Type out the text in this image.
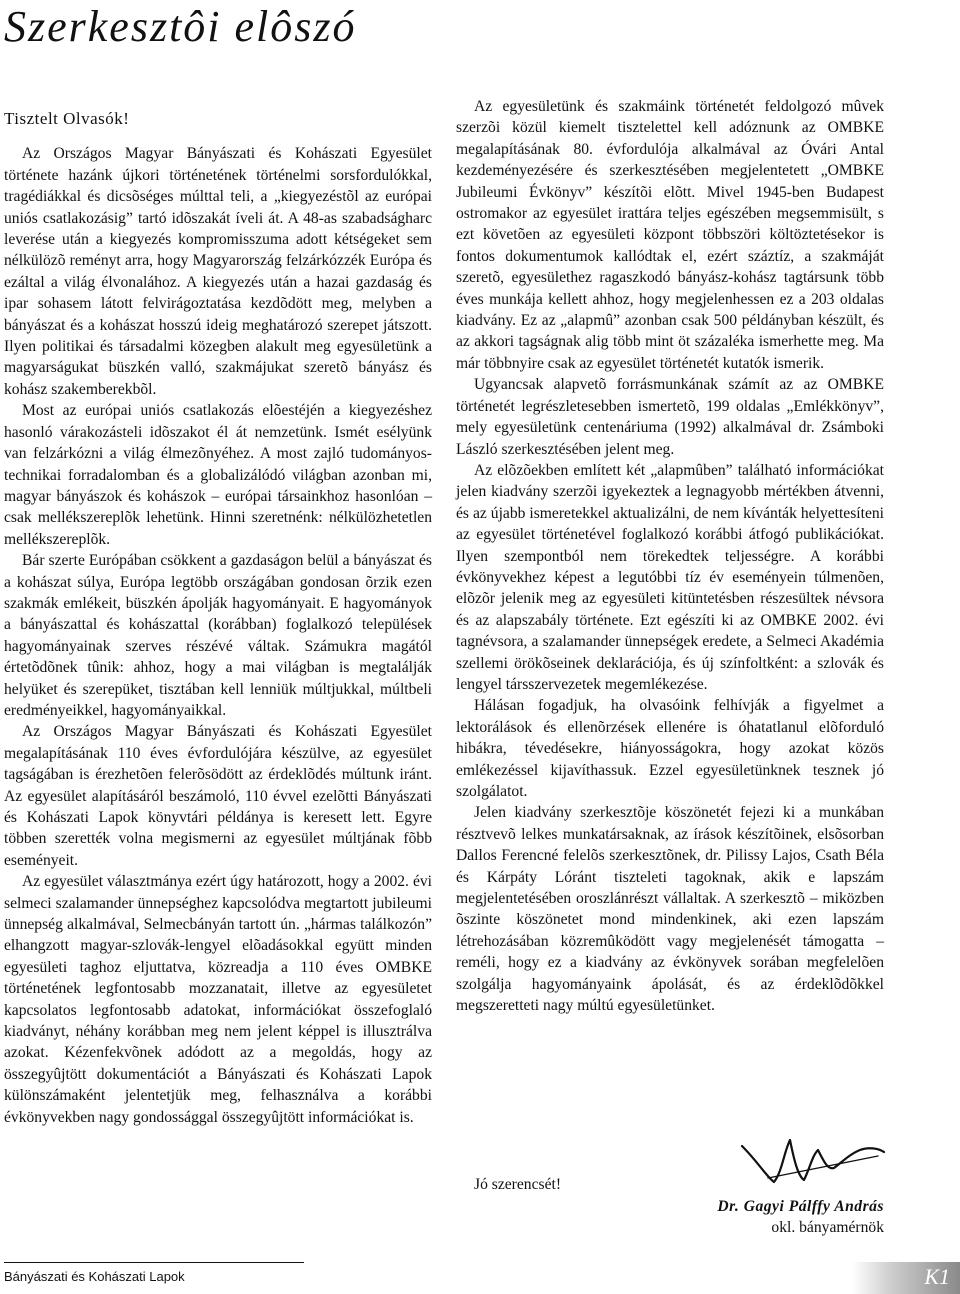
Szerkesztôi elôszó
Tisztelt Olvasók!

Az Országos Magyar Bányászati és Kohászati Egyesület története hazánk újkori történetének történelmi sorsfordulókkal, tragédiákkal és dicsõséges múlttal teli, a „kiegyezéstõl az európai uniós csatlakozásig” tartó idõszakát íveli át. A 48-as szabadságharc leverése után a kiegyezés kompromisszuma adott kétségeket sem nélkülözõ reményt arra, hogy Magyarország felzárkózzék Európa és ezáltal a világ élvonalához. A kiegyezés után a hazai gazdaság és ipar sohasem látott felvirágoztatása kezdõdött meg, melyben a bányászat és a kohászat hosszú ideig meghatározó szerepet játszott. Ilyen politikai és társadalmi közegben alakult meg egyesületünk a magyarságukat büszkén valló, szakmájukat szeretõ bányász és kohász szakemberekbõl.

Most az európai uniós csatlakozás elõestéjén a kiegyezéshez hasonló várakozásteli idõszakot él át nemzetünk. Ismét esélyünk van felzárkózni a világ élmezõnyéhez. A most zajló tudományos-technikai forradalomban és a globalizálódó világban azonban mi, magyar bányászok és kohászok – európai társainkhoz hasonlóan – csak mellékszereplõk lehetünk. Hinni szeretnénk: nélkülözhetetlen mellékszereplõk.

Bár szerte Európában csökkent a gazdaságon belül a bányászat és a kohászat súlya, Európa legtöbb országában gondosan õrzik ezen szakmák emlékeit, büszkén ápolják hagyományait. E hagyományok a bányászattal és kohászattal (korábban) foglalkozó települések hagyományainak szerves részévé váltak. Számukra magától értetõdõnek tûnik: ahhoz, hogy a mai világban is megtalálják helyüket és szerepüket, tisztában kell lenniük múltjukkal, múltbeli eredményeikkel, hagyományaikkal.

Az Országos Magyar Bányászati és Kohászati Egyesület megalapításának 110 éves évfordulójára készülve, az egyesület tagságában is érezhetõen felerõsödött az érdeklõdés múltunk iránt. Az egyesület alapításáról beszámoló, 110 évvel ezelõtti Bányászati és Kohászati Lapok könyvtári példánya is keresett lett. Egyre többen szerették volna megismerni az egyesület múltjának fõbb eseményeit.

Az egyesület választmánya ezért úgy határozott, hogy a 2002. évi selmeci szalamander ünnepséghez kapcsolódva megtartott jubileumi ünnepség alkalmával, Selmecbányán tartott ún. „hármas találkozón” elhangzott magyar-szlovák-lengyel elõadásokkal együtt minden egyesületi taghoz eljuttatva, közreadja a 110 éves OMBKE történetének legfontosabb mozzanatait, illetve az egyesületet kapcsolatos legfontosabb adatokat, információkat összefoglaló kiadványt, néhány korábban meg nem jelent képpel is illusztrálva azokat. Kézenfekvõnek adódott az a megoldás, hogy az összegyûjtött dokumentációt a Bányászati és Kohászati Lapok különszámaként jelentetjük meg, felhasználva a korábbi évkönyvekben nagy gondossággal összegyûjtött információkat is.

Az egyesületünk és szakmáink történetét feldolgozó mûvek szerzõi közül kiemelt tisztelettel kell adóznunk az OMBKE megalapításának 80. évfordulója alkalmával az Óvári Antal kezdeményezésére és szerkesztésében megjelentetett „OMBKE Jubileumi Évkönyv” készítõi elõtt. Mivel 1945-ben Budapest ostromakor az egyesület irattára teljes egészében megsemmisült, s ezt követõen az egyesületi központ többszöri költöztetésekor is fontos dokumentumok kallódtak el, ezért száztíz, a szakmáját szeretõ, egyesülethez ragaszkodó bányász-kohász tagtársunk több éves munkája kellett ahhoz, hogy megjelenhessen ez a 203 oldalas kiadvány. Ez az „alapmû” azonban csak 500 példányban készült, és az akkori tagságnak alig több mint öt százaléka ismerhette meg. Ma már többnyire csak az egyesület történetét kutatók ismerik.

Ugyancsak alapvetõ forrásmunkának számít az az OMBKE történetét legrészletesebben ismertetõ, 199 oldalas „Emlékkönyv”, mely egyesületünk centenáriuma (1992) alkalmával dr. Zsámboki László szerkesztésében jelent meg.

Az elõzõekben említett két „alapmûben” található információkat jelen kiadvány szerzõi igyekeztek a legnagyobb mértékben átvenni, és az újabb ismeretekkel aktualizálni, de nem kívánták helyettesíteni az egyesület történetével foglalkozó korábbi átfogó publikációkat. Ilyen szempontból nem törekedtek teljességre. A korábbi évkönyvekhez képest a legutóbbi tíz év eseményein túlmenõen, elõzõr jelenik meg az egyesületi kitüntetésben részesültek névsora és az alapszabály története. Ezt egészíti ki az OMBKE 2002. évi tagnévsora, a szalamander ünnepségek eredete, a Selmeci Akadémia szellemi örökõseinek deklarációja, és új színfoltként: a szlovák és lengyel társszervezetek megemlékezése.

Hálásan fogadjuk, ha olvasóink felhívják a figyelmet a lektorálások és ellenõrzések ellenére is óhatatlanul elõforduló hibákra, tévedésekre, hiányosságokra, hogy azokat közös emlékezéssel kijavíthassuk. Ezzel egyesületünknek tesznek jó szolgálatot.

Jelen kiadvány szerkesztõje köszönetét fejezi ki a munkában résztvevõ lelkes munkatársaknak, az írások készítõinek, elsõsorban Dallos Ferencné felelõs szerkesztõnek, dr. Pilissy Lajos, Csath Béla és Kárpáty Lóránt tiszteleti tagoknak, akik e lapszám megjelentetésében oroszlánrészt vállaltak. A szerkesztõ – miközben õszinte köszönetet mond mindenkinek, aki ezen lapszám létrehozásában közremûködött vagy megjelenését támogatta – reméli, hogy ez a kiadvány az évkönyvek sorában megfelelõen szolgálja hagyományaink ápolását, és az érdeklõdõkkel megszeretteti nagy múltú egyesületünket.

Jó szerencsét!
Dr. Gagyi Pálffy András
okl. bányamérnök
Bányászati és Kohászati Lapok	K1
